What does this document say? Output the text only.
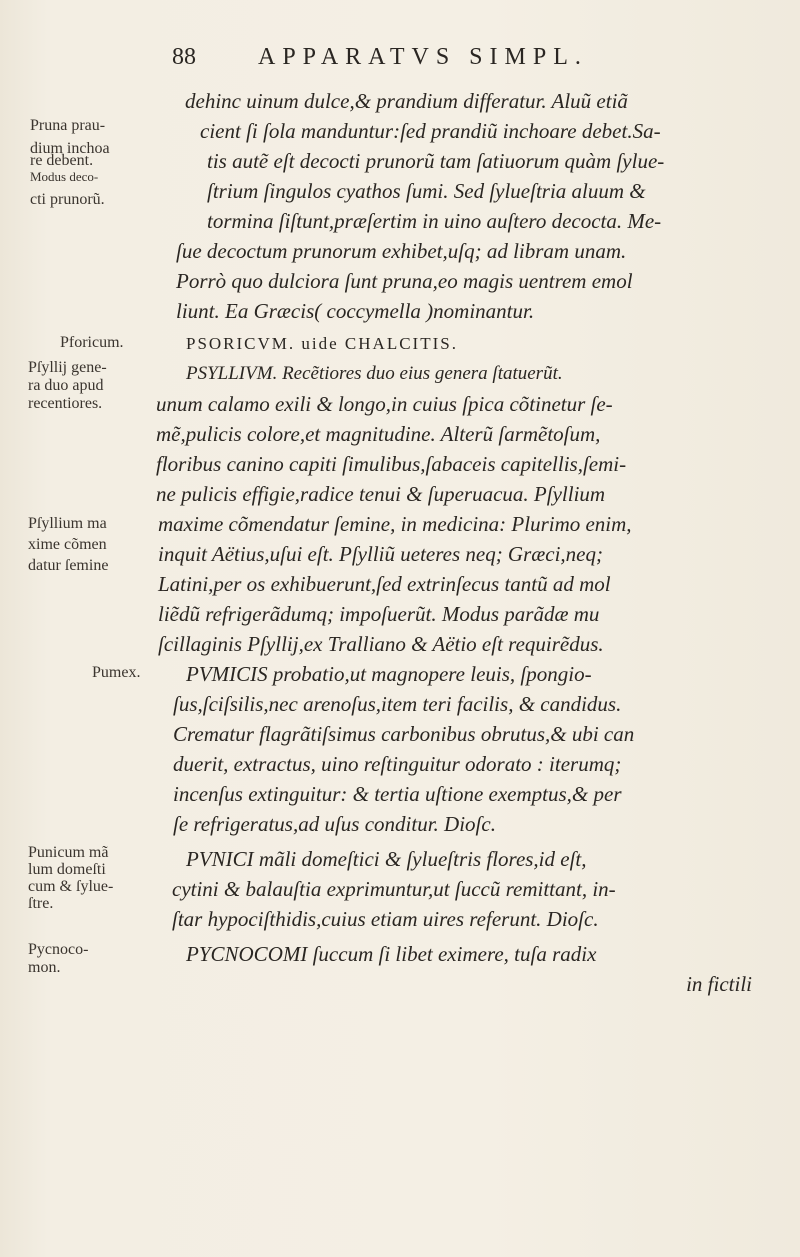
88	APPARATVS SIMPL.
dehinc uinum dulce,& prandium differatur. Aluũ etiã
cient ſi ſola manduntur:ſed prandiũ inchoare debet.Sa-
tis autẽ eſt decocti prunorũ tam ſatiuorum quàm ſylue-
ſtrium ſingulos cyathos ſumi. Sed ſylueſtria aluum &
tormina ſiſtunt,præſertim in uino auſtero decocta. Me-
ſue decoctum prunorum exhibet,uſq; ad libram unam.
Porrò quo dulciora ſunt pruna,eo magis uentrem emol
liunt. Ea Græcis( coccymella )nominantur.
Pruna prau-
dium inchoa
re debent.
Modus deco-
cti prunorũ.
Pforicum.	PSORICVM. uide CHALCITIS.
PSYLLIVM. Recẽtiores duo eius genera ſtatuerũt.
unum calamo exili & longo,in cuius ſpica cõtinetur ſe-
mẽ,pulicis colore,et magnitudine. Alterũ ſarmẽtoſum,
floribus canino capiti ſimulibus,ſabaceis capitellis,ſemi-
ne pulicis effigie,radice tenui & ſuperuacua. Pſyllium
Pſyllij gene-
ra duo apud
recentiores.
maxime cõmendatur ſemine, in medicina: Plurimo enim,
inquit Aëtius,uſui eſt. Pſylliũ ueteres neq; Græci,neq;
Latini,per os exhibuerunt,ſed extrinſecus tantũ ad mol
liẽdũ refrigerãdumq; impoſuerũt. Modus parãdæ mu
ſcillaginis Pſyllij,ex Tralliano & Aëtio eſt requirẽdus.
Pſyllium ma
xime cõmen
datur ſemine
Pumex.	PVMICIS probatio,ut magnopere leuis, ſpongio-
ſus,ſciſsilis,nec arenoſus,item teri facilis, & candidus.
Crematur flagrãtiſsimus carbonibus obrutus,& ubi can
duerit, extractus, uino reſtinguitur odorato : iterumq;
incenſus extinguitur: & tertia uſtione exemptus,& per
ſe refrigeratus,ad uſus conditur. Dioſc.
PVNICI mãli domeſtici & ſylueſtris flores,id eſt,
cytini & balauſtia exprimuntur,ut ſuccũ remittant, in-
ſtar hypociſthidis,cuius etiam uires referunt. Dioſc.
Punicum mã
lum domeſti
cum & ſylue-
ſtre.
PYCNOCOMI ſuccum ſi libet eximere, tuſa radix
in fictili
Pycnoco-
mon.
